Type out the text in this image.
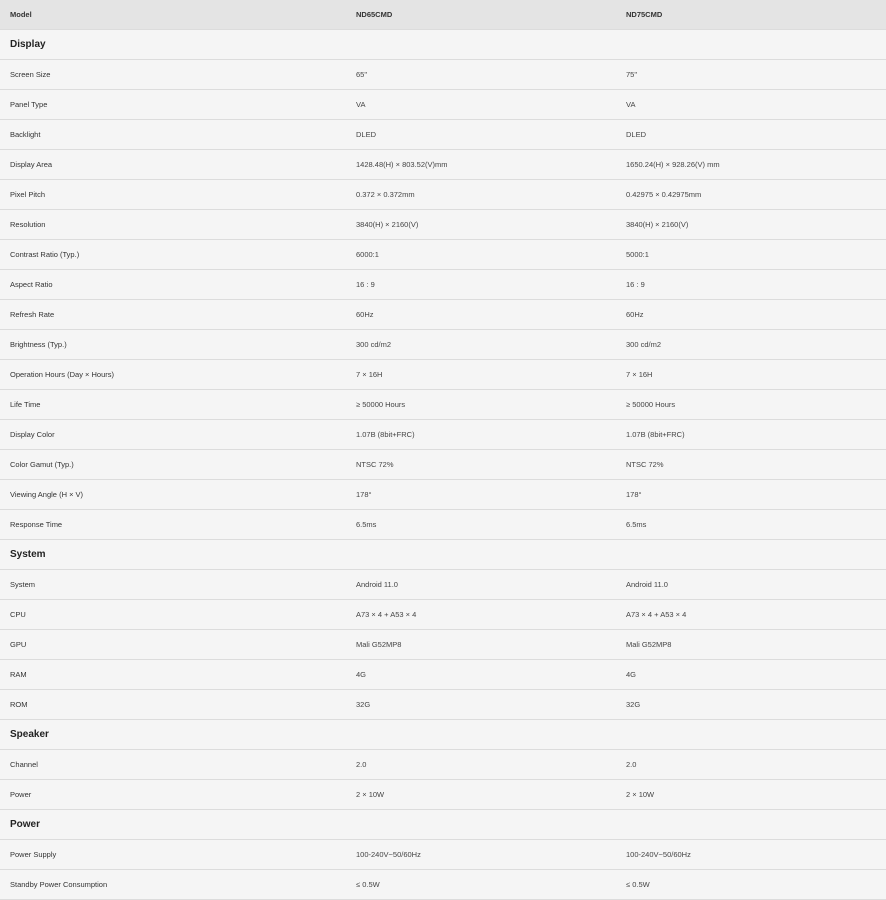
Model	ND65CMD	ND75CMD
Display		
Screen Size	65"	75"
Panel Type	VA	VA
Backlight	DLED	DLED
Display Area	1428.48(H) × 803.52(V)mm	1650.24(H) × 928.26(V) mm
Pixel Pitch	0.372 × 0.372mm	0.42975 × 0.42975mm
Resolution	3840(H) × 2160(V)	3840(H) × 2160(V)
Contrast Ratio (Typ.)	6000:1	5000:1
Aspect Ratio	16 : 9	16 : 9
Refresh Rate	60Hz	60Hz
Brightness (Typ.)	300 cd/m2	300 cd/m2
Operation Hours (Day × Hours)	7 × 16H	7 × 16H
Life Time	≥ 50000 Hours	≥ 50000 Hours
Display Color	1.07B (8bit+FRC)	1.07B (8bit+FRC)
Color Gamut (Typ.)	NTSC 72%	NTSC 72%
Viewing Angle (H × V)	178°	178°
Response Time	6.5ms	6.5ms
System		
System	Android 11.0	Android 11.0
CPU	A73 × 4 + A53 × 4	A73 × 4 + A53 × 4
GPU	Mali G52MP8	Mali G52MP8
RAM	4G	4G
ROM	32G	32G
Speaker		
Channel	2.0	2.0
Power	2 × 10W	2 × 10W
Power		
Power Supply	100-240V~50/60Hz	100-240V~50/60Hz
Standby Power Consumption	≤ 0.5W	≤ 0.5W
